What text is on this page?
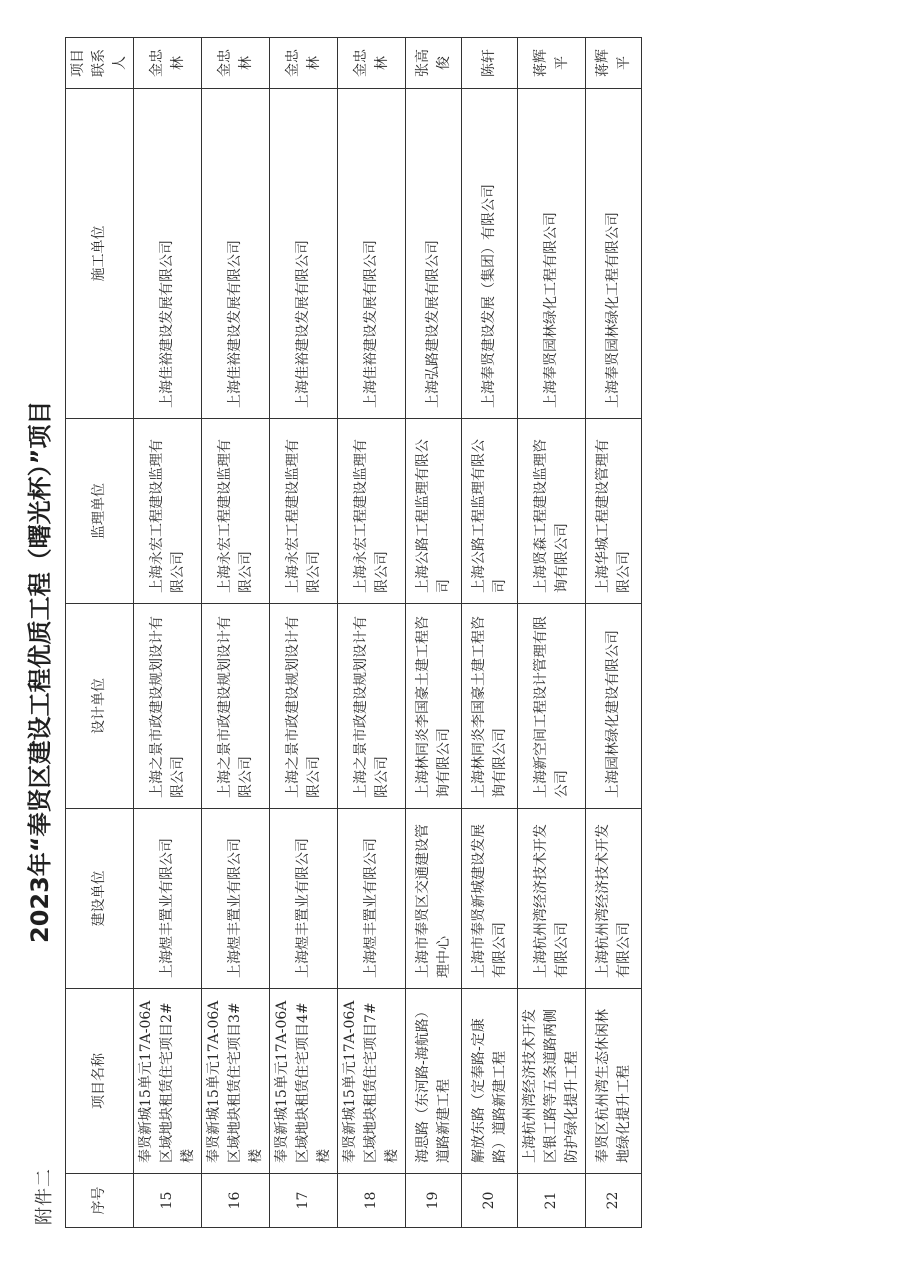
附件二
2023年“奉贤区建设工程优质工程（曙光杯）”项目
序号	项目名称	建设单位	设计单位	监理单位	施工单位	项目联系人
15	奉贤新城15单元17A-06A区域地块租赁住宅项目2#楼	上海煜丰置业有限公司	上海之景市政建设规划设计有限公司	上海永宏工程建设监理有限公司	上海佳裕建设发展有限公司	金忠林
16	奉贤新城15单元17A-06A区域地块租赁住宅项目3#楼	上海煜丰置业有限公司	上海之景市政建设规划设计有限公司	上海永宏工程建设监理有限公司	上海佳裕建设发展有限公司	金忠林
17	奉贤新城15单元17A-06A区域地块租赁住宅项目4#楼	上海煜丰置业有限公司	上海之景市政建设规划设计有限公司	上海永宏工程建设监理有限公司	上海佳裕建设发展有限公司	金忠林
18	奉贤新城15单元17A-06A区域地块租赁住宅项目7#楼	上海煜丰置业有限公司	上海之景市政建设规划设计有限公司	上海永宏工程建设监理有限公司	上海佳裕建设发展有限公司	金忠林
19	海思路（东河路-海航路）道路新建工程	上海市奉贤区交通建设管理中心	上海林同炎李国豪土建工程咨询有限公司	上海公路工程监理有限公司	上海弘路建设发展有限公司	张高俊
20	解放东路（定奉路-定康路）道路新建工程	上海市奉贤新城建设发展有限公司	上海林同炎李国豪土建工程咨询有限公司	上海公路工程监理有限公司	上海奉贤建设发展（集团）有限公司	陈轩
21	上海杭州湾经济技术开发区银工路等五条道路两侧防护绿化提升工程	上海杭州湾经济技术开发有限公司	上海新空间工程设计管理有限公司	上海贤森工程建设监理咨询有限公司	上海奉贤园林绿化工程有限公司	蒋辉平
22	奉贤区杭州湾生态休闲林地绿化提升工程	上海杭州湾经济技术开发有限公司	上海园林绿化建设有限公司	上海华城工程建设管理有限公司	上海奉贤园林绿化工程有限公司	蒋辉平
